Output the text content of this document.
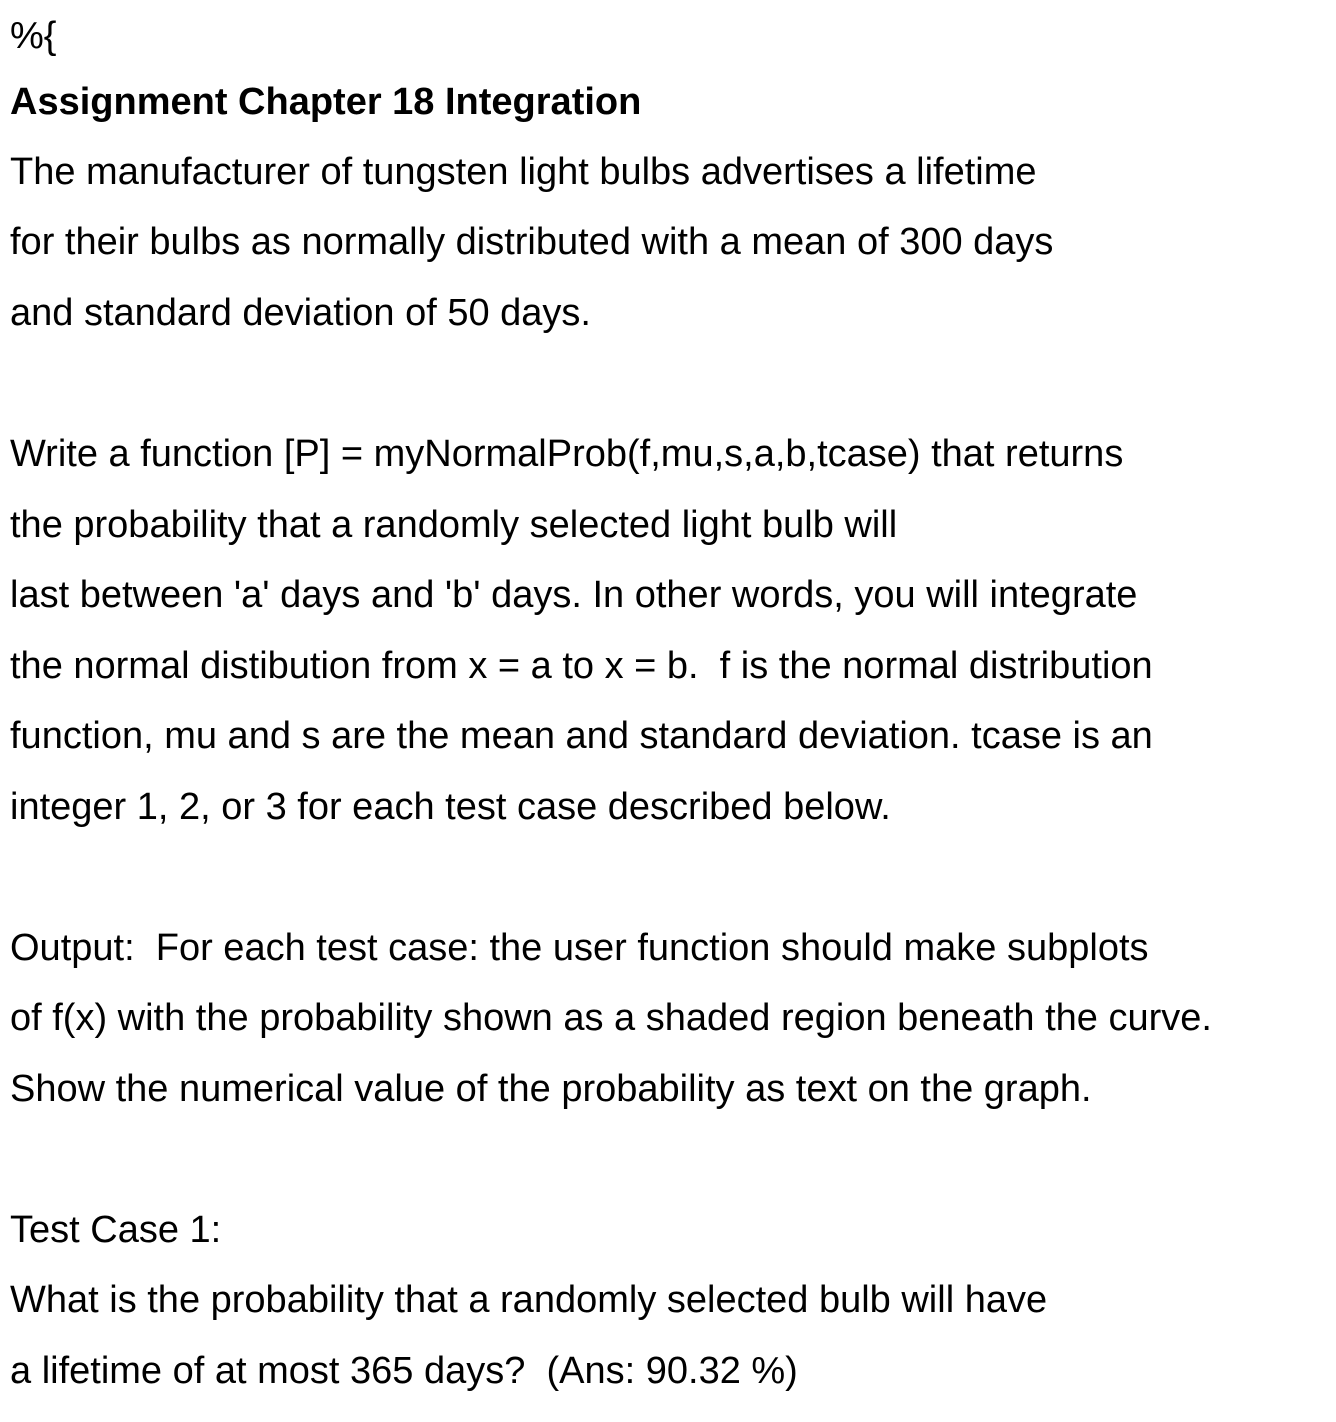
%{

Assignment Chapter 18 Integration

The manufacturer of tungsten light bulbs advertises a lifetime

for their bulbs as normally distributed with a mean of 300 days

and standard deviation of 50 days.

Write a function [P] = myNormalProb(f,mu,s,a,b,tcase) that returns

the probability that a randomly selected light bulb will

last between 'a' days and 'b' days. In other words, you will integrate

the normal distibution from x = a to x = b.  f is the normal distribution

function, mu and s are the mean and standard deviation. tcase is an

integer 1, 2, or 3 for each test case described below.

Output:  For each test case: the user function should make subplots

of f(x) with the probability shown as a shaded region beneath the curve.

Show the numerical value of the probability as text on the graph.

Test Case 1:

What is the probability that a randomly selected bulb will have

a lifetime of at most 365 days?  (Ans: 90.32 %)
